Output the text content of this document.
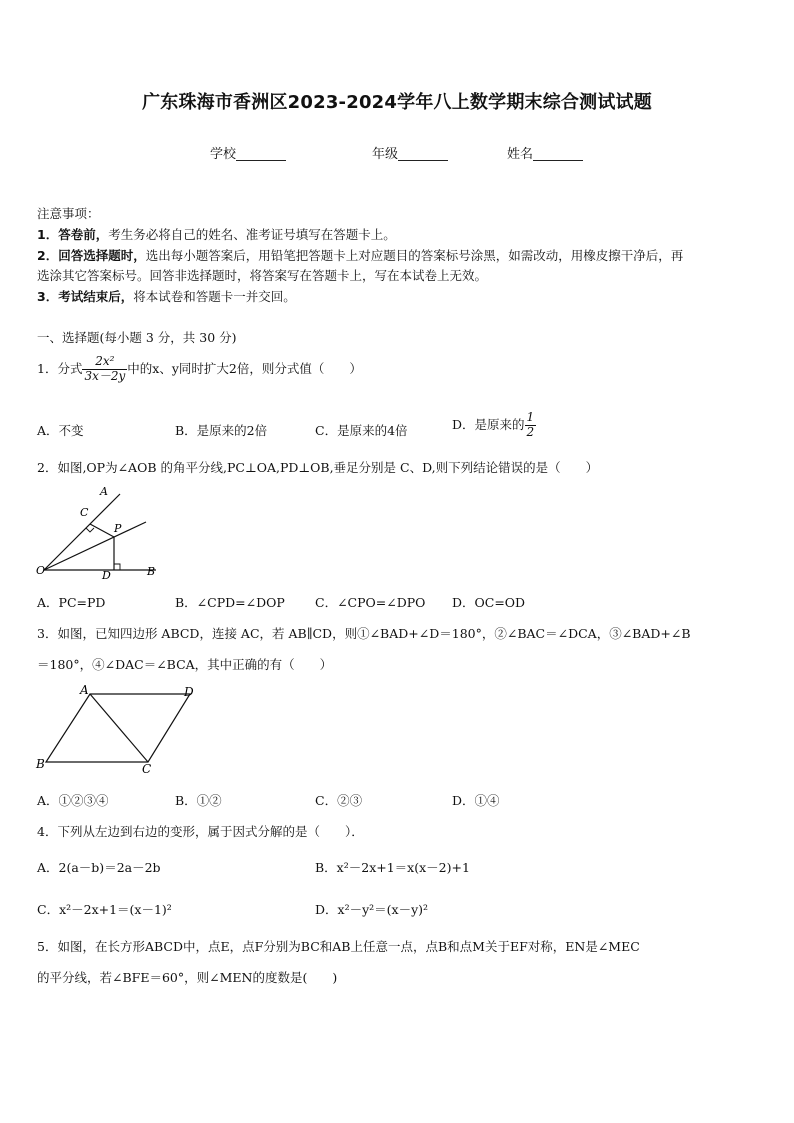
广东珠海市香洲区2023-2024学年八上数学期末综合测试试题
学校	年级	姓名
注意事项：
1．答卷前，考生务必将自己的姓名、准考证号填写在答题卡上。
2．回答选择题时，选出每小题答案后，用铅笔把答题卡上对应题目的答案标号涂黑，如需改动，用橡皮擦干净后，再
选涂其它答案标号。回答非选择题时，将答案写在答题卡上，写在本试卷上无效。
3．考试结束后，将本试卷和答题卡一并交回。
一、选择题(每小题 3 分，共 30 分)
1．分式 $\frac{\text{2x²}}{3x-2y}$ 中的x、y同时扩大2倍，则分式值（　　）
A．不变	B．是原来的2倍	C．是原来的4倍	D．是原来的 $\frac{1}{2}$
2．如图,OP为∠AOB 的角平分线,PC⊥OA,PD⊥OB,垂足分别是 C、D,则下列结论错误的是（　　）
A
C
P
O	D	B
A．PC=PD	B．∠CPD=∠DOP C．∠CPO=∠DPO D．OC=OD
3．如图，已知四边形 ABCD，连接 AC，若 AB∥CD，则①∠BAD+∠D＝180°，②∠BAC＝∠DCA，③∠BAD+∠B
＝180°，④∠DAC＝∠BCA，其中正确的有（　　）
A	D
B	C
A．①②③④	B．①②	C．②③	D．①④
4．下列从左边到右边的变形，属于因式分解的是（　　）．
A．2(a－b)＝2a－2b	B．x²－2x+1＝x(x－2)+1
C．x²－2x+1＝(x－1)²	D．x²－y²＝(x－y)²
5．如图，在长方形ABCD中，点E，点F分别为BC和AB上任意一点，点B和点M关于EF对称，EN是∠MEC
的平分线，若∠BFE＝60°，则∠MEN的度数是(　　)
